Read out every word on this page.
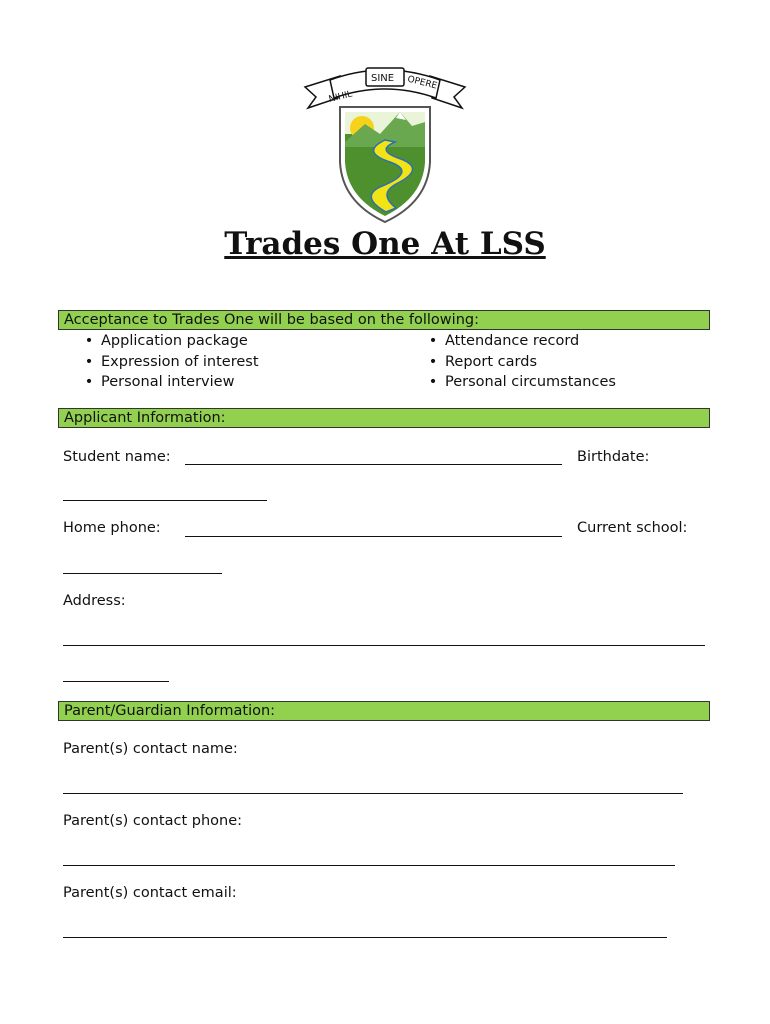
NIHIL
SINE OPERE
Trades One At LSS
Acceptance to Trades One will be based on the following:
• Application package
• Expression of interest
• Personal interview
• Attendance record
• Report cards
• Personal circumstances
Applicant Information:
Student name:	Birthdate:
Home phone:	Current school:
Address:
Parent/Guardian Information:
Parent(s) contact name:
Parent(s) contact phone:
Parent(s) contact email:
